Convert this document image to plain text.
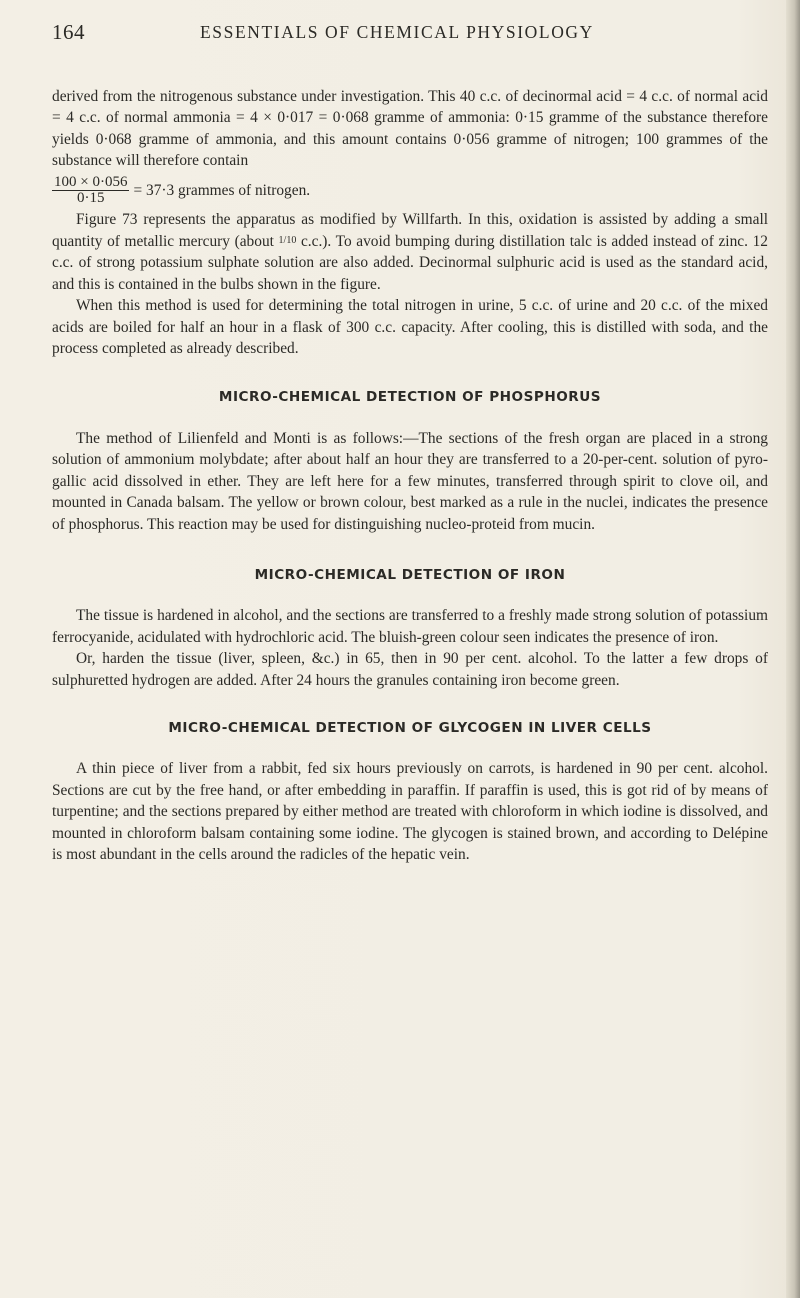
164	ESSENTIALS OF CHEMICAL PHYSIOLOGY

derived from the nitrogenous substance under investigation. This 40 c.c. of decinormal acid = 4 c.c. of normal acid = 4 c.c. of normal ammonia = 4 × 0·017 = 0·068 gramme of ammonia: 0·15 gramme of the substance therefore yields 0·068 gramme of ammonia, and this amount contains 0·056 gramme of nitrogen; 100 grammes of the substance will therefore contain

$\frac{100 \times 0\cdot 056}{0\cdot 15} = 37\cdot 3$ grammes of nitrogen.

Figure 73 represents the apparatus as modified by Willfarth. In this, oxidation is assisted by adding a small quantity of metallic mercury (about 1/10 c.c.). To avoid bumping during distillation talc is added instead of zinc. 12 c.c. of strong potassium sulphate solution are also added. Decinormal sulphuric acid is used as the standard acid, and this is contained in the bulbs shown in the figure.

When this method is used for determining the total nitrogen in urine, 5 c.c. of urine and 20 c.c. of the mixed acids are boiled for half an hour in a flask of 300 c.c. capacity. After cooling, this is distilled with soda, and the process completed as already described.

MICRO-CHEMICAL DETECTION OF PHOSPHORUS

The method of Lilienfeld and Monti is as follows:—The sections of the fresh organ are placed in a strong solution of ammonium molybdate; after about half an hour they are transferred to a 20-per-cent. solution of pyro-gallic acid dissolved in ether. They are left here for a few minutes, transferred through spirit to clove oil, and mounted in Canada balsam. The yellow or brown colour, best marked as a rule in the nuclei, indicates the presence of phosphorus. This reaction may be used for distinguishing nucleo-proteid from mucin.

MICRO-CHEMICAL DETECTION OF IRON

The tissue is hardened in alcohol, and the sections are transferred to a freshly made strong solution of potassium ferrocyanide, acidulated with hydrochloric acid. The bluish-green colour seen indicates the presence of iron.

Or, harden the tissue (liver, spleen, &c.) in 65, then in 90 per cent. alcohol. To the latter a few drops of sulphuretted hydrogen are added. After 24 hours the granules containing iron become green.

MICRO-CHEMICAL DETECTION OF GLYCOGEN IN LIVER CELLS

A thin piece of liver from a rabbit, fed six hours previously on carrots, is hardened in 90 per cent. alcohol. Sections are cut by the free hand, or after embedding in paraffin. If paraffin is used, this is got rid of by means of turpentine; and the sections prepared by either method are treated with chloroform in which iodine is dissolved, and mounted in chloroform balsam containing some iodine. The glycogen is stained brown, and according to Delépine is most abundant in the cells around the radicles of the hepatic vein.
